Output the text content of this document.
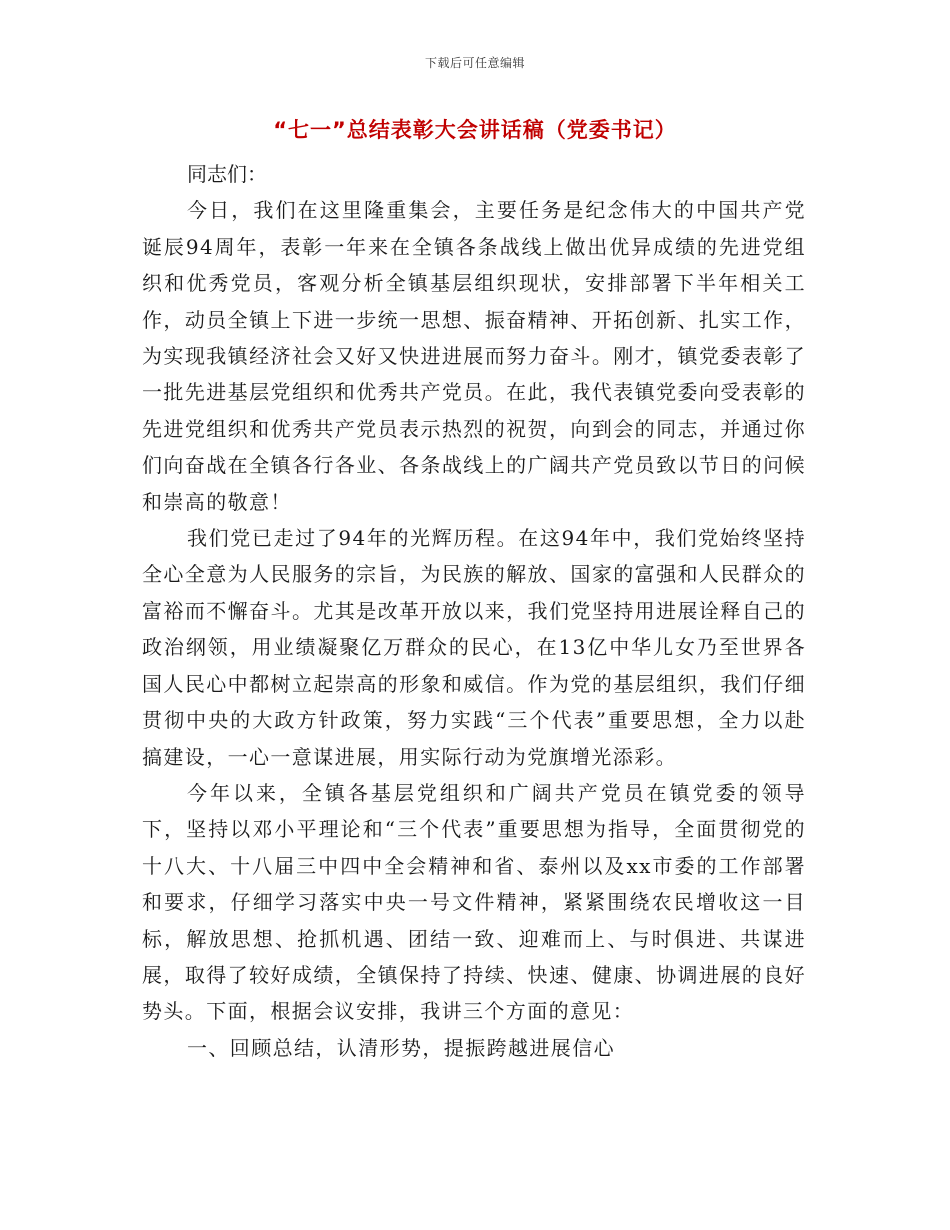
下载后可任意编辑
“七一”总结表彰大会讲话稿（党委书记）

同志们：

今日，我们在这里隆重集会，主要任务是纪念伟大的中国共产党诞辰94周年，表彰一年来在全镇各条战线上做出优异成绩的先进党组织和优秀党员，客观分析全镇基层组织现状，安排部署下半年相关工作，动员全镇上下进一步统一思想、振奋精神、开拓创新、扎实工作，为实现我镇经济社会又好又快进进展而努力奋斗。刚才，镇党委表彰了一批先进基层党组织和优秀共产党员。在此，我代表镇党委向受表彰的先进党组织和优秀共产党员表示热烈的祝贺，向到会的同志，并通过你们向奋战在全镇各行各业、各条战线上的广阔共产党员致以节日的问候和崇高的敬意！

我们党已走过了94年的光辉历程。在这94年中，我们党始终坚持全心全意为人民服务的宗旨，为民族的解放、国家的富强和人民群众的富裕而不懈奋斗。尤其是改革开放以来，我们党坚持用进展诠释自己的政治纲领，用业绩凝聚亿万群众的民心，在13亿中华儿女乃至世界各国人民心中都树立起崇高的形象和威信。作为党的基层组织，我们仔细贯彻中央的大政方针政策，努力实践“三个代表”重要思想，全力以赴搞建设，一心一意谋进展，用实际行动为党旗增光添彩。

今年以来，全镇各基层党组织和广阔共产党员在镇党委的领导下，坚持以邓小平理论和“三个代表”重要思想为指导，全面贯彻党的十八大、十八届三中四中全会精神和省、泰州以及xx市委的工作部署和要求，仔细学习落实中央一号文件精神，紧紧围绕农民增收这一目标，解放思想、抢抓机遇、团结一致、迎难而上、与时俱进、共谋进展，取得了较好成绩，全镇保持了持续、快速、健康、协调进展的良好势头。下面，根据会议安排，我讲三个方面的意见：

一、回顾总结，认清形势，提振跨越进展信心
